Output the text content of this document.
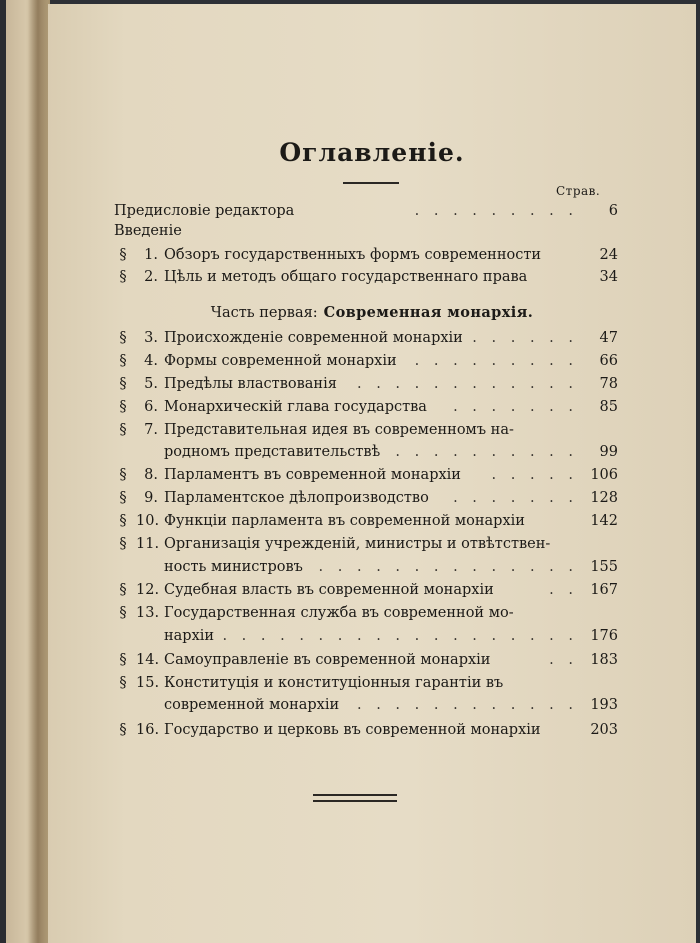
Оглавленіе.
Страв.
Часть первая: Современная монархія.
Предисловіе редактора	. . . . . . . . .	6
Введеніе
§	1. Обзоръ государственныхъ формъ современности	24
§	2. Цѣль и методъ общаго государственнаго права	34
§	3. Происхожденіе современной монархіи . . . . . .	47
§	4. Формы современной монархіи . . . . . . . . .	66
§	5. Предѣлы властвованія . . . . . . . . . . . .	78
§	6. Монархическій глава государства . . . . . . .	85
§	7. Представительная идея въ современномъ на-
родномъ представительствѣ . . . . . . . . . .	99
§	8. Парламентъ въ современной монархіи . . . . . 106
§	9. Парламентское дѣлопроизводство . . . . . . . 128
§ 10. Функціи парламента въ современной монархіи	142
§ 11. Организація учрежденій, министры и отвѣтствен-
ность министровъ . . . . . . . . . . . . . . 155
§ 12. Судебная власть въ современной монархіи	. . 167
§ 13. Государственная служба въ современной мо-
нархіи . . . . . . . . . . . . . . . . . . . 176
§ 14. Самоуправленіе въ современной монархіи	. . 183
§ 15. Конституція и конституціонныя гарантіи въ
современной монархіи . . . . . . . . . . . . 193
§ 16. Государство и церковь въ современной монархіи	203
